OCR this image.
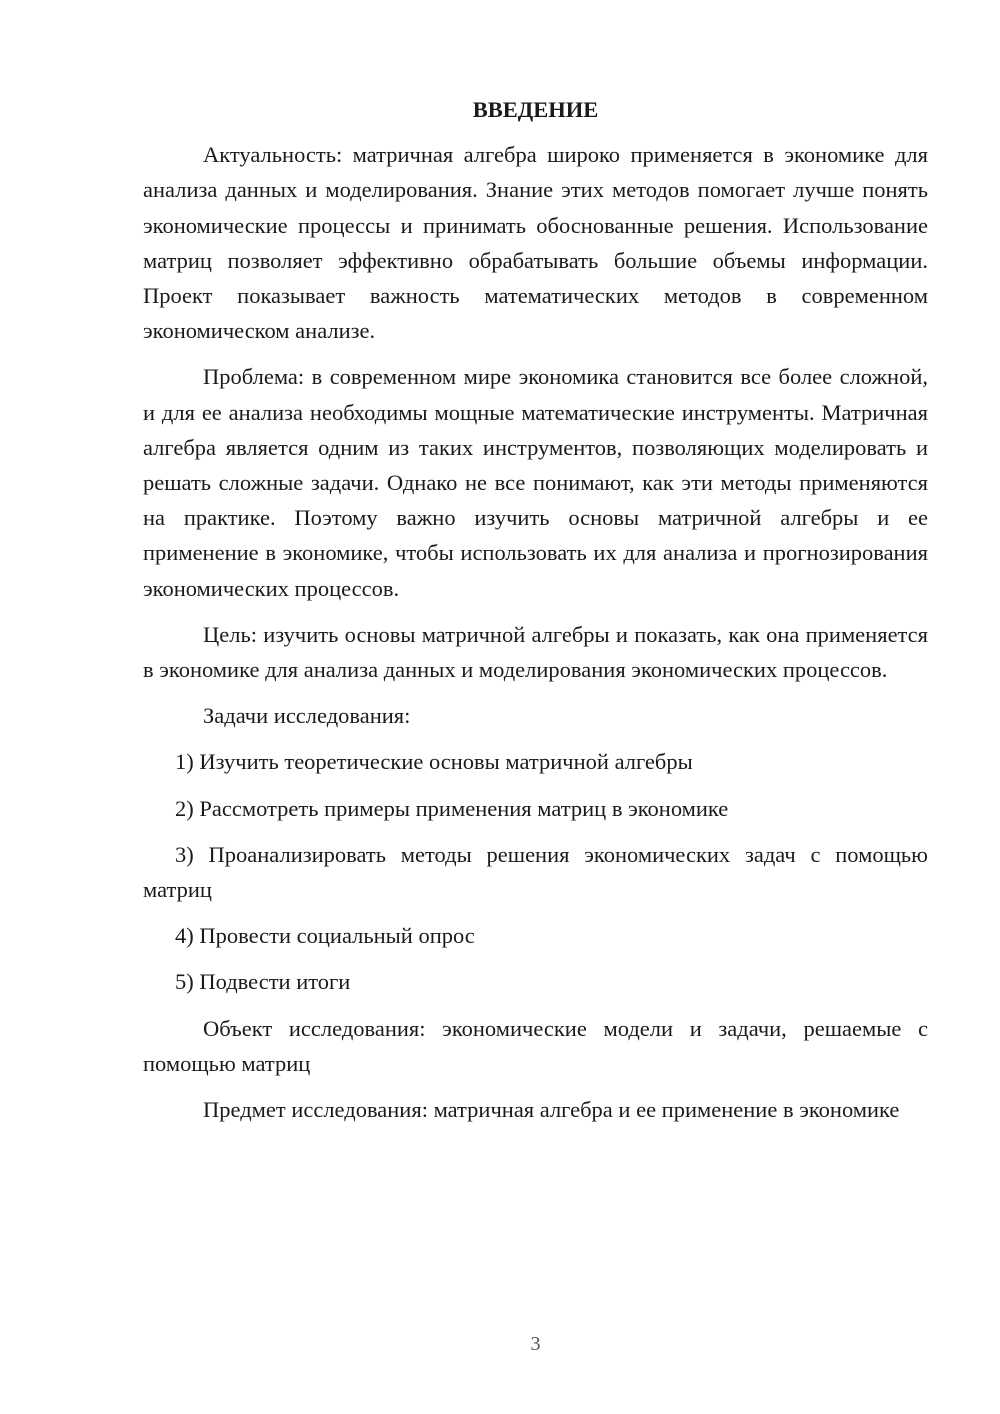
ВВЕДЕНИЕ

Актуальность: матричная алгебра широко применяется в экономике для анализа данных и моделирования. Знание этих методов помогает лучше понять экономические процессы и принимать обоснованные решения. Использование матриц позволяет эффективно обрабатывать большие объемы информации. Проект показывает важность математических методов в современном экономическом анализе.

Проблема: в современном мире экономика становится все более сложной, и для ее анализа необходимы мощные математические инструменты. Матричная алгебра является одним из таких инструментов, позволяющих моделировать и решать сложные задачи. Однако не все понимают, как эти методы применяются на практике. Поэтому важно изучить основы матричной алгебры и ее применение в экономике, чтобы использовать их для анализа и прогнозирования экономических процессов.

Цель: изучить основы матричной алгебры и показать, как она применяется в экономике для анализа данных и моделирования экономических процессов.

Задачи исследования:

1) Изучить теоретические основы матричной алгебры

2) Рассмотреть примеры применения матриц в экономике

3) Проанализировать методы решения экономических задач с помощью матриц

4) Провести социальный опрос

5) Подвести итоги

Объект исследования: экономические модели и задачи, решаемые с помощью матриц

Предмет исследования: матричная алгебра и ее применение в экономике

3
